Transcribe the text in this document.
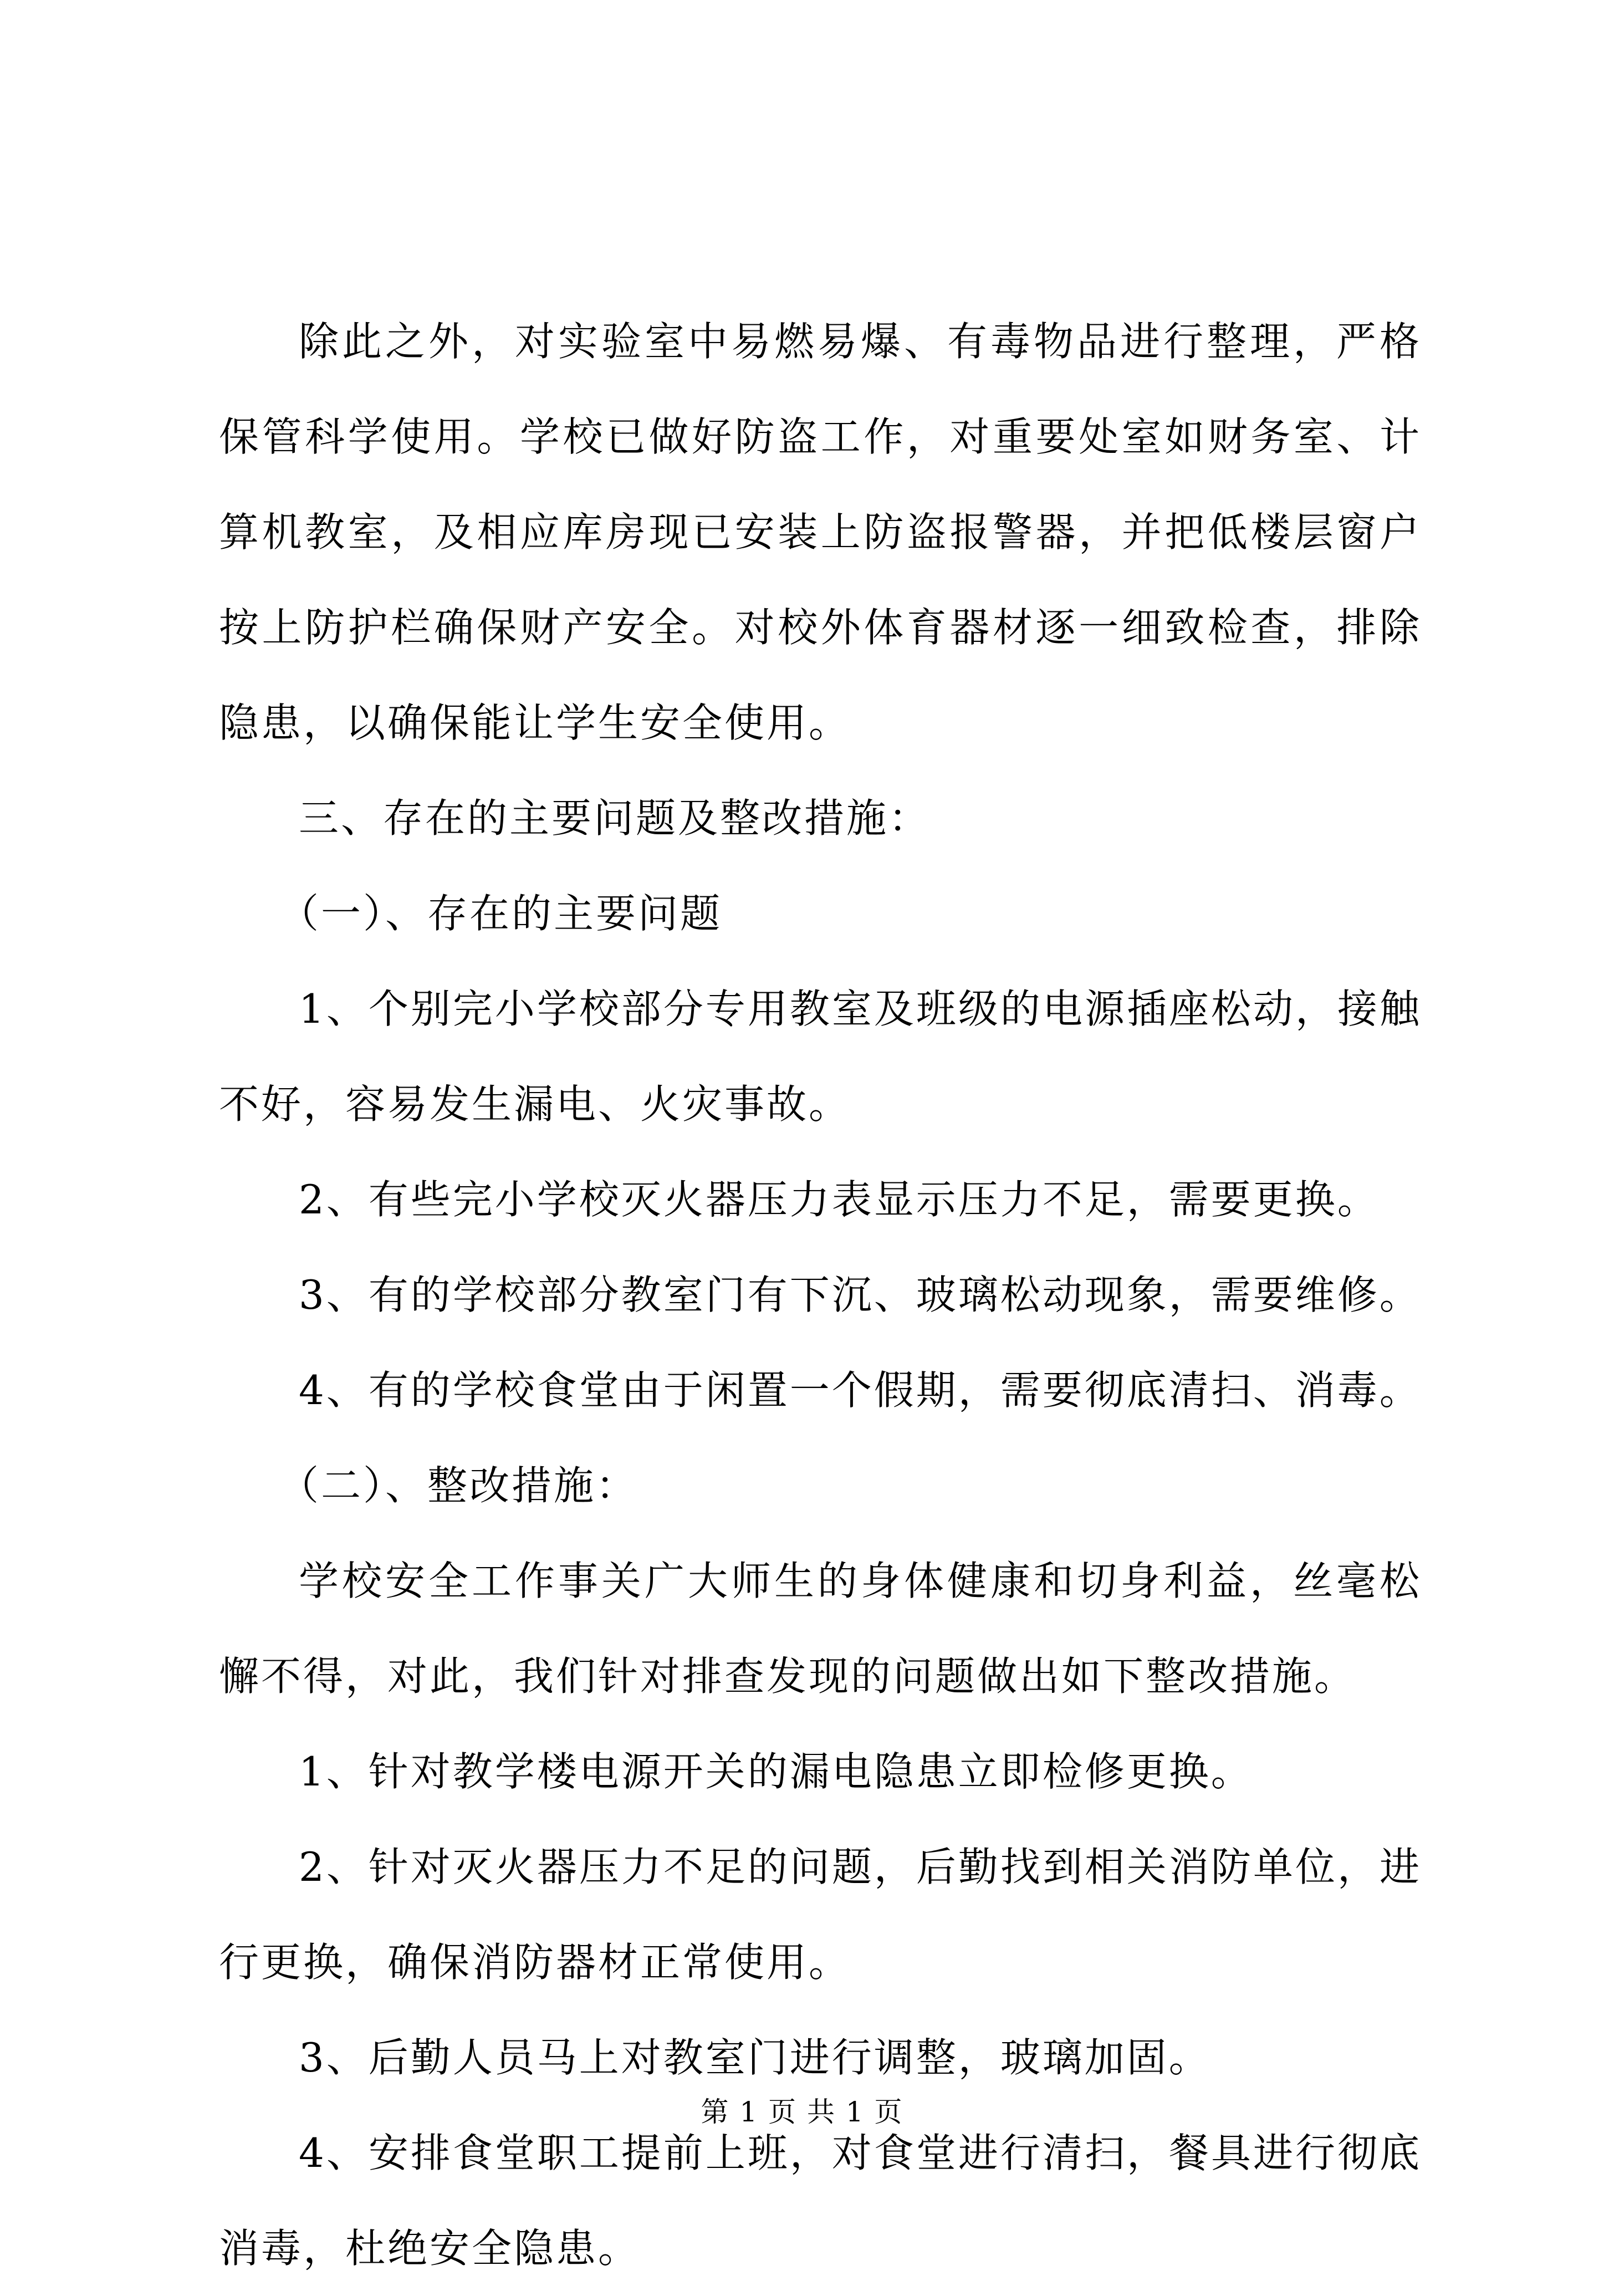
除此之外，对实验室中易燃易爆、有毒物品进行整理，严格保管科学使用。学校已做好防盗工作，对重要处室如财务室、计算机教室，及相应库房现已安装上防盗报警器，并把低楼层窗户按上防护栏确保财产安全。对校外体育器材逐一细致检查，排除隐患，以确保能让学生安全使用。

三、存在的主要问题及整改措施：

（一）、存在的主要问题

1、个别完小学校部分专用教室及班级的电源插座松动，接触不好，容易发生漏电、火灾事故。

2、有些完小学校灭火器压力表显示压力不足，需要更换。

3、有的学校部分教室门有下沉、玻璃松动现象，需要维修。

4、有的学校食堂由于闲置一个假期，需要彻底清扫、消毒。

（二）、整改措施：

学校安全工作事关广大师生的身体健康和切身利益，丝毫松懈不得，对此，我们针对排查发现的问题做出如下整改措施。

1、针对教学楼电源开关的漏电隐患立即检修更换。

2、针对灭火器压力不足的问题，后勤找到相关消防单位，进行更换，确保消防器材正常使用。

3、后勤人员马上对教室门进行调整，玻璃加固。

4、安排食堂职工提前上班，对食堂进行清扫，餐具进行彻底消毒，杜绝安全隐患。

第 1 页 共 1 页
